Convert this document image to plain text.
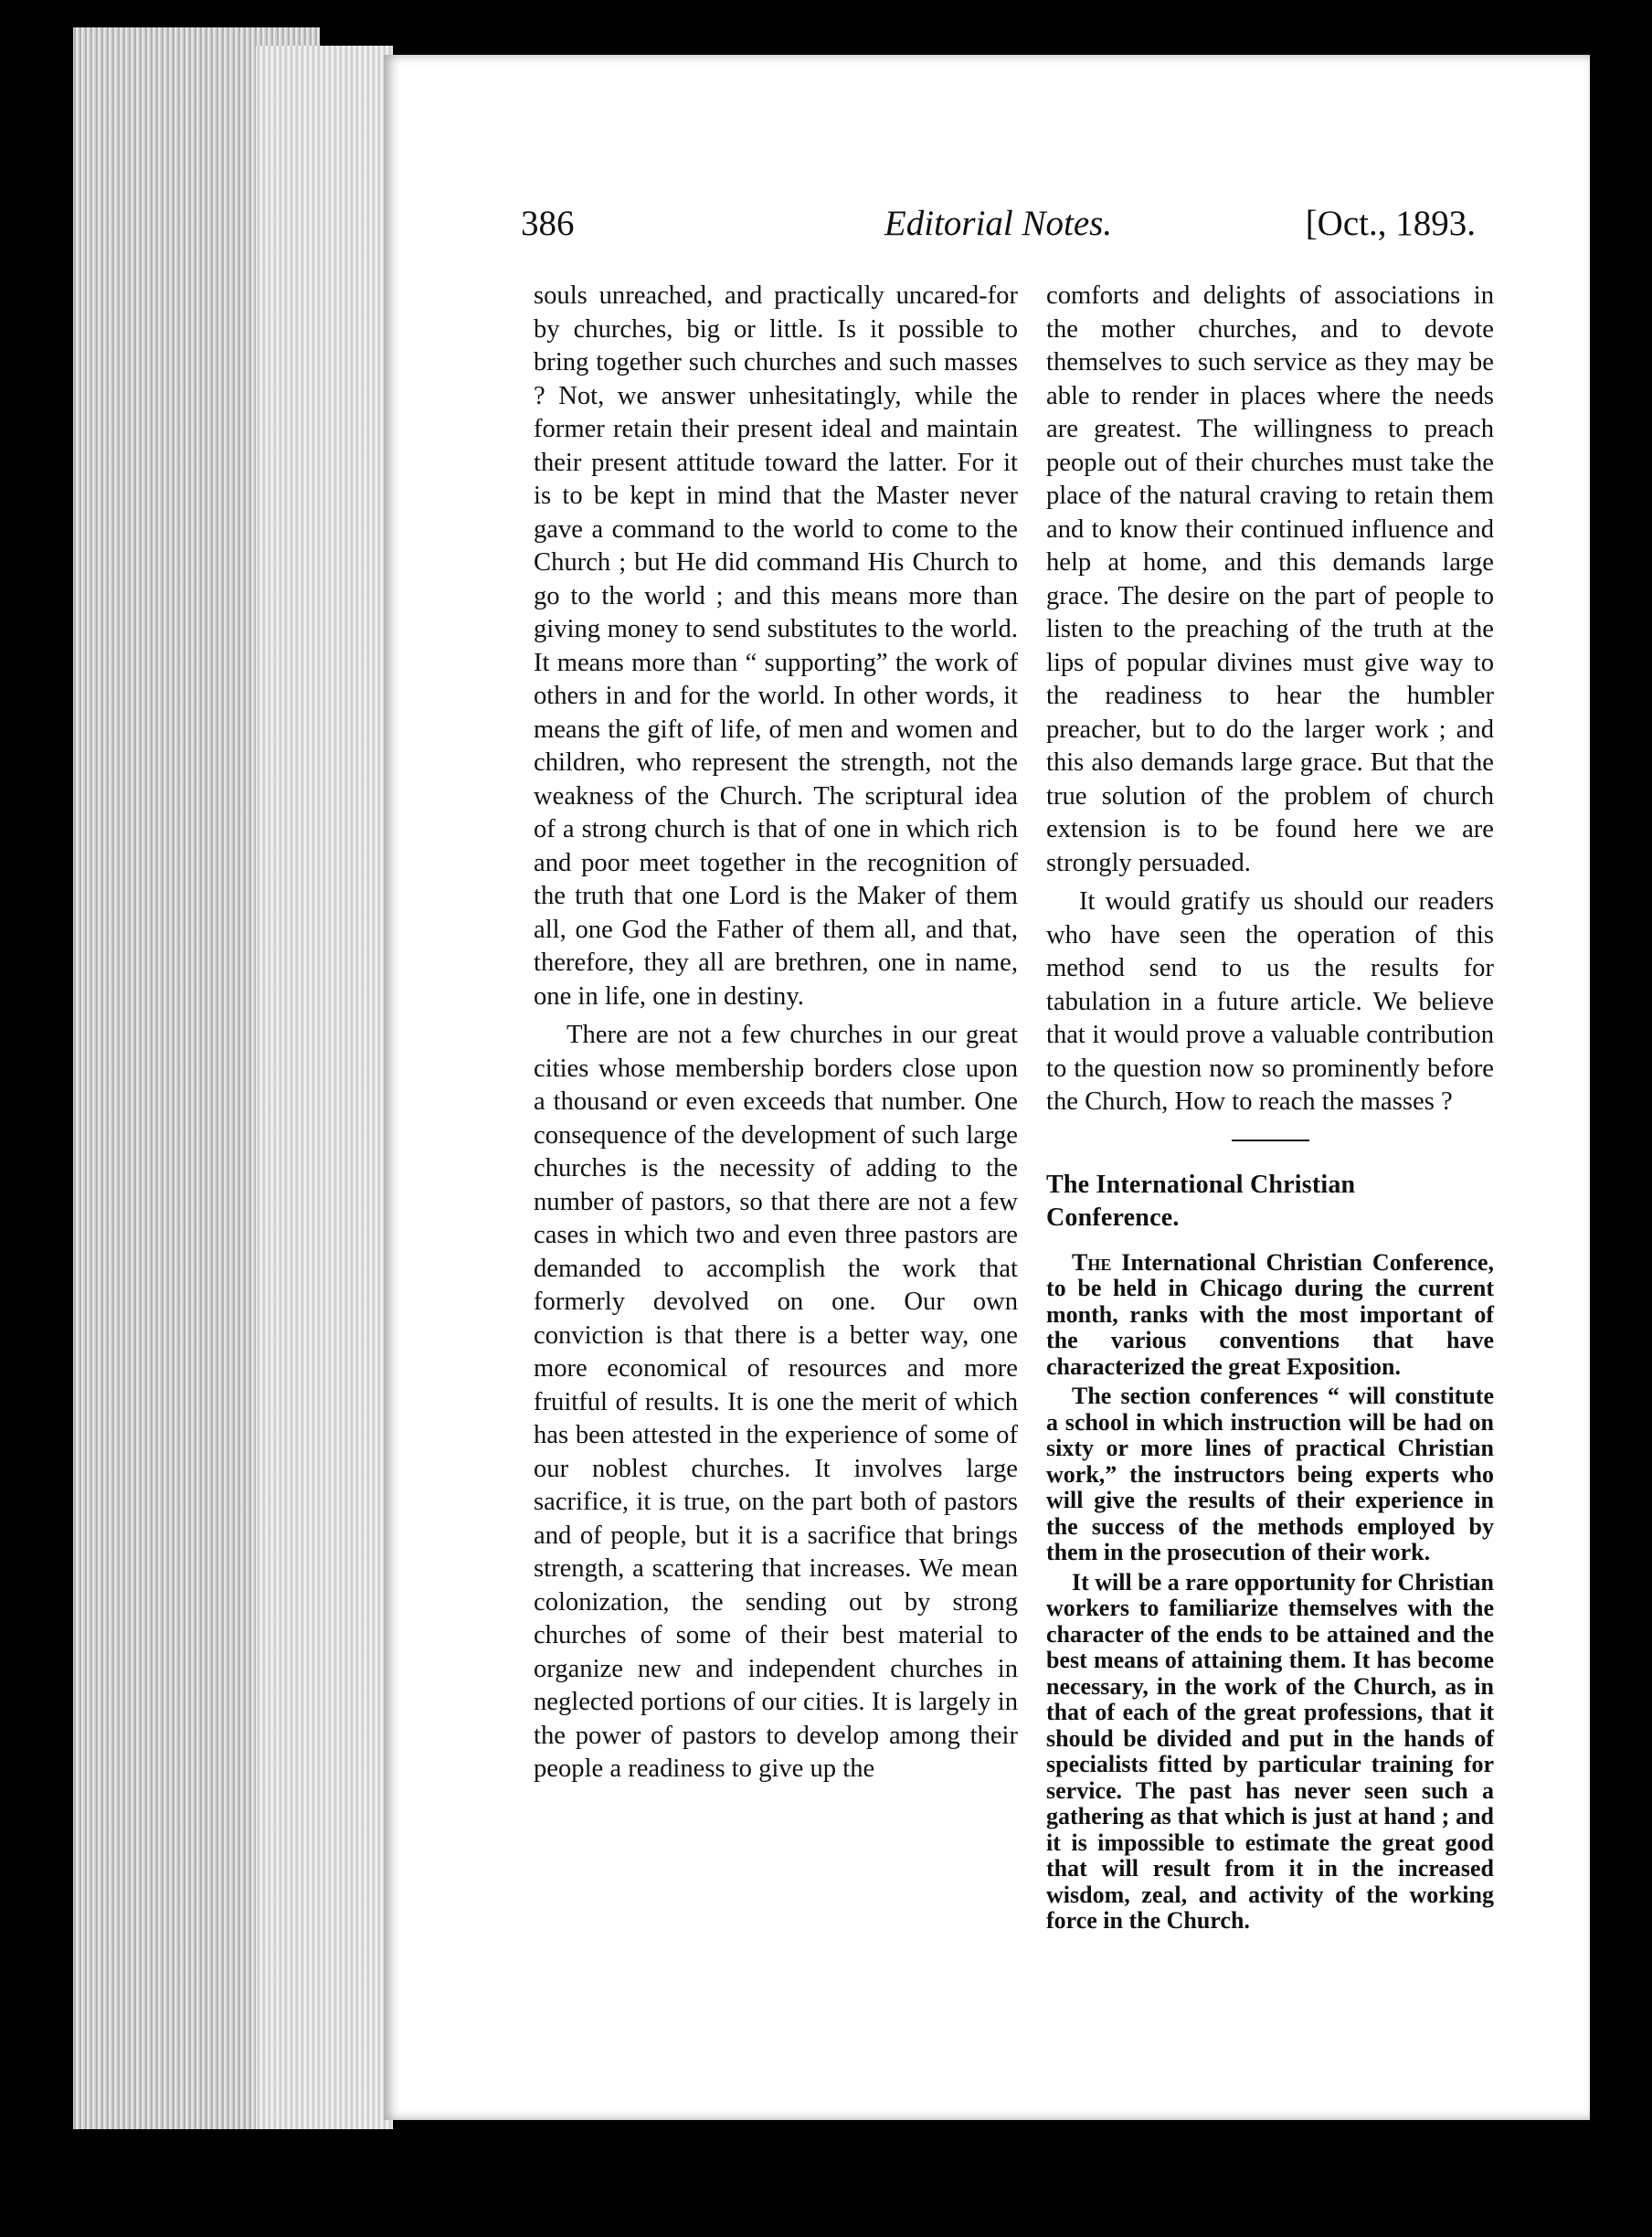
386	Editorial Notes.	[Oct., 1893.

souls unreached, and practically uncared-for by churches, big or little. Is it possible to bring together such churches and such masses ? Not, we answer unhesitatingly, while the former retain their present ideal and maintain their present attitude toward the latter. For it is to be kept in mind that the Master never gave a command to the world to come to the Church ; but He did command His Church to go to the world ; and this means more than giving money to send substitutes to the world. It means more than “ supporting” the work of others in and for the world. In other words, it means the gift of life, of men and women and children, who represent the strength, not the weakness of the Church. The scriptural idea of a strong church is that of one in which rich and poor meet together in the recognition of the truth that one Lord is the Maker of them all, one God the Father of them all, and that, therefore, they all are brethren, one in name, one in life, one in destiny.

There are not a few churches in our great cities whose membership borders close upon a thousand or even exceeds that number. One consequence of the development of such large churches is the necessity of adding to the number of pastors, so that there are not a few cases in which two and even three pastors are demanded to accomplish the work that formerly devolved on one. Our own conviction is that there is a better way, one more economical of resources and more fruitful of results. It is one the merit of which has been attested in the experience of some of our noblest churches. It involves large sacrifice, it is true, on the part both of pastors and of people, but it is a sacrifice that brings strength, a scattering that increases. We mean colonization, the sending out by strong churches of some of their best material to organize new and independent churches in neglected portions of our cities. It is largely in the power of pastors to develop among their people a readiness to give up the

comforts and delights of associations in the mother churches, and to devote themselves to such service as they may be able to render in places where the needs are greatest. The willingness to preach people out of their churches must take the place of the natural craving to retain them and to know their continued influence and help at home, and this demands large grace. The desire on the part of people to listen to the preaching of the truth at the lips of popular divines must give way to the readiness to hear the humbler preacher, but to do the larger work ; and this also demands large grace. But that the true solution of the problem of church extension is to be found here we are strongly persuaded.

It would gratify us should our readers who have seen the operation of this method send to us the results for tabulation in a future article. We believe that it would prove a valuable contribution to the question now so prominently before the Church, How to reach the masses ?

The International Christian Conference.

The International Christian Conference, to be held in Chicago during the current month, ranks with the most important of the various conventions that have characterized the great Exposition.

The section conferences “ will constitute a school in which instruction will be had on sixty or more lines of practical Christian work,” the instructors being experts who will give the results of their experience in the success of the methods employed by them in the prosecution of their work.

It will be a rare opportunity for Christian workers to familiarize themselves with the character of the ends to be attained and the best means of attaining them. It has become necessary, in the work of the Church, as in that of each of the great professions, that it should be divided and put in the hands of specialists fitted by particular training for service. The past has never seen such a gathering as that which is just at hand ; and it is impossible to estimate the great good that will result from it in the increased wisdom, zeal, and activity of the working force in the Church.
